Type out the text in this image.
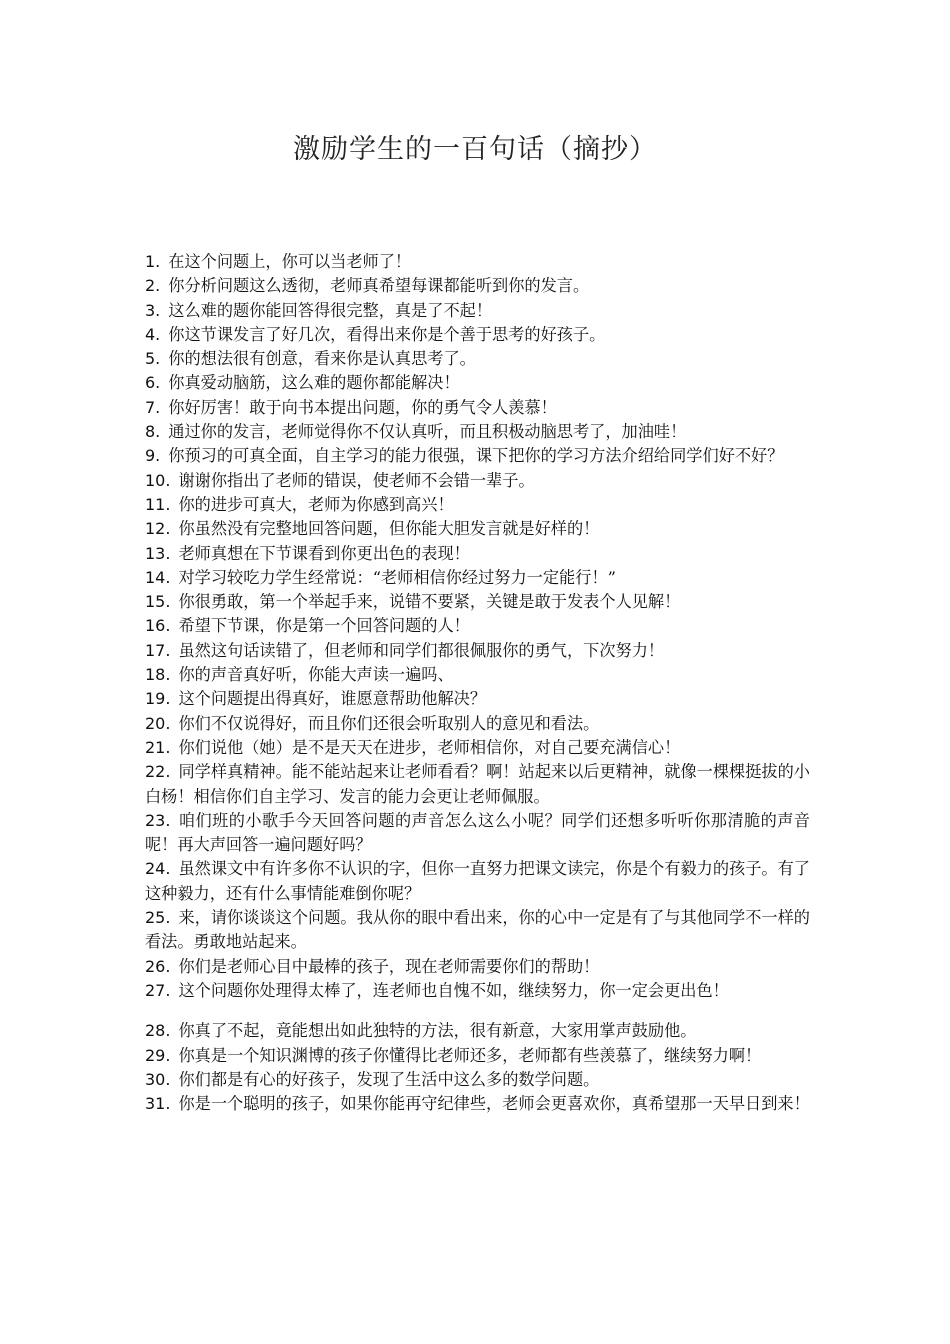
激励学生的一百句话（摘抄）

1. 在这个问题上，你可以当老师了！

2. 你分析问题这么透彻，老师真希望每课都能听到你的发言。

3. 这么难的题你能回答得很完整，真是了不起！

4. 你这节课发言了好几次，看得出来你是个善于思考的好孩子。

5. 你的想法很有创意，看来你是认真思考了。

6. 你真爱动脑筋，这么难的题你都能解决！

7. 你好厉害！敢于向书本提出问题，你的勇气令人羡慕！

8. 通过你的发言，老师觉得你不仅认真听，而且积极动脑思考了，加油哇！

9. 你预习的可真全面，自主学习的能力很强，课下把你的学习方法介绍给同学们好不好？

10. 谢谢你指出了老师的错误，使老师不会错一辈子。

11. 你的进步可真大，老师为你感到高兴！

12. 你虽然没有完整地回答问题，但你能大胆发言就是好样的！

13. 老师真想在下节课看到你更出色的表现！

14. 对学习较吃力学生经常说：“老师相信你经过努力一定能行！”

15. 你很勇敢，第一个举起手来，说错不要紧，关键是敢于发表个人见解！

16. 希望下节课，你是第一个回答问题的人！

17. 虽然这句话读错了，但老师和同学们都很佩服你的勇气，下次努力！

18. 你的声音真好听，你能大声读一遍吗、

19. 这个问题提出得真好，谁愿意帮助他解决？

20. 你们不仅说得好，而且你们还很会听取别人的意见和看法。

21. 你们说他（她）是不是天天在进步，老师相信你，对自己要充满信心！

22. 同学样真精神。能不能站起来让老师看看？啊！站起来以后更精神，就像一棵棵挺拔的小白杨！相信你们自主学习、发言的能力会更让老师佩服。

23. 咱们班的小歌手今天回答问题的声音怎么这么小呢？同学们还想多听听你那清脆的声音呢！再大声回答一遍问题好吗？

24. 虽然课文中有许多你不认识的字，但你一直努力把课文读完，你是个有毅力的孩子。有了这种毅力，还有什么事情能难倒你呢？

25. 来，请你谈谈这个问题。我从你的眼中看出来，你的心中一定是有了与其他同学不一样的看法。勇敢地站起来。

26. 你们是老师心目中最棒的孩子，现在老师需要你们的帮助！

27. 这个问题你处理得太棒了，连老师也自愧不如，继续努力，你一定会更出色！

28. 你真了不起，竟能想出如此独特的方法，很有新意，大家用掌声鼓励他。

29. 你真是一个知识渊博的孩子你懂得比老师还多，老师都有些羡慕了，继续努力啊！

30. 你们都是有心的好孩子，发现了生活中这么多的数学问题。

31. 你是一个聪明的孩子，如果你能再守纪律些，老师会更喜欢你，真希望那一天早日到来！
